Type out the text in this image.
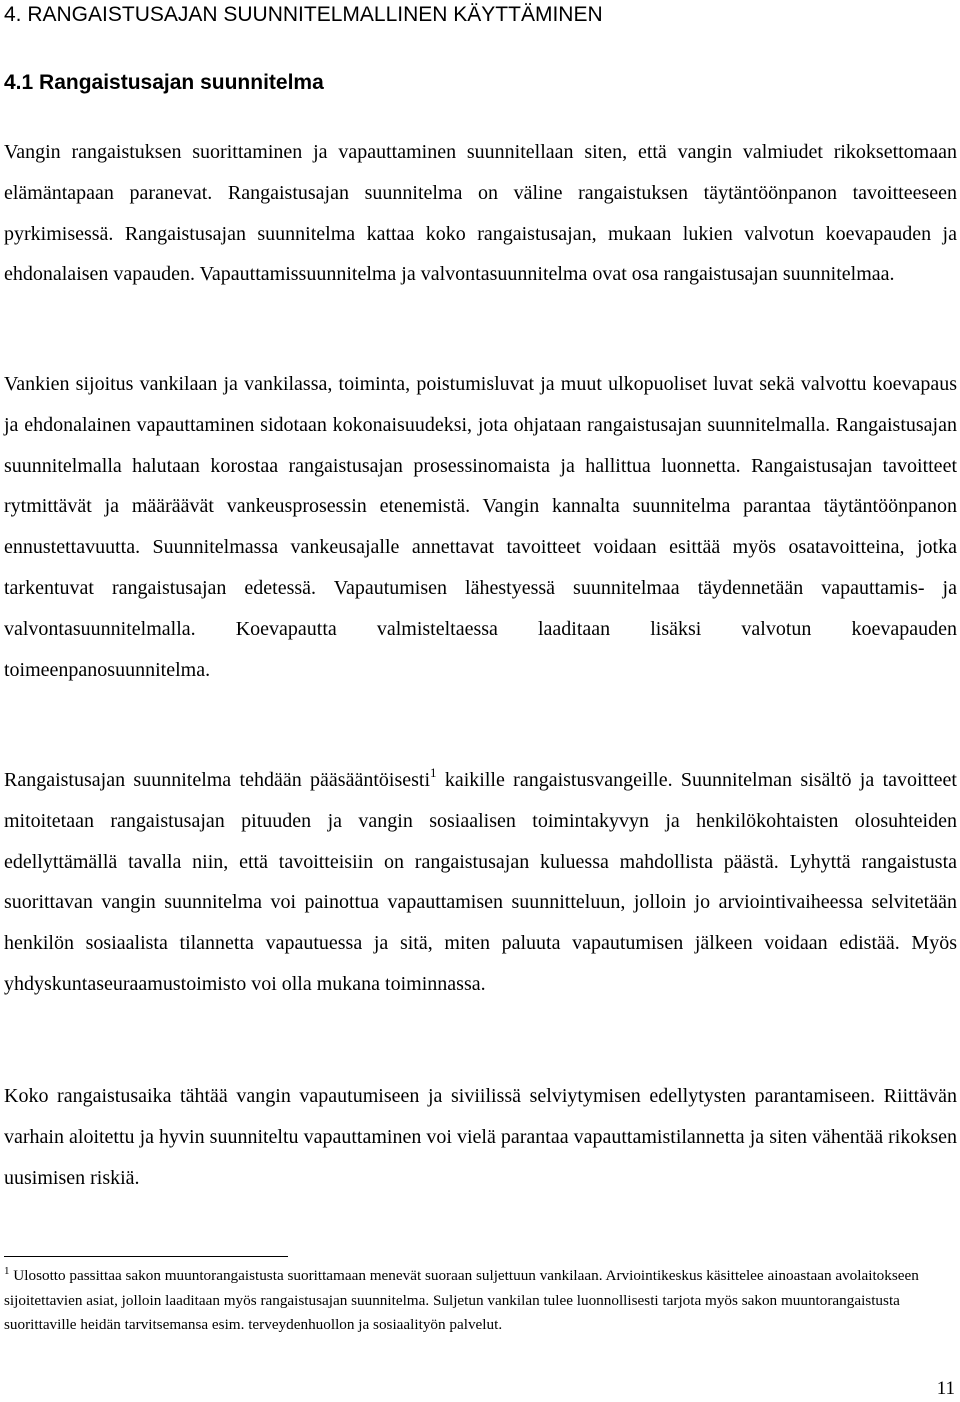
4. RANGAISTUSAJAN SUUNNITELMALLINEN KÄYTTÄMINEN
4.1 Rangaistusajan suunnitelma

Vangin rangaistuksen suorittaminen ja vapauttaminen suunnitellaan siten, että vangin valmiudet rikoksettomaan elämäntapaan paranevat. Rangaistusajan suunnitelma on väline rangaistuksen täytäntöönpanon tavoitteeseen pyrkimisessä. Rangaistusajan suunnitelma kattaa koko rangaistusajan, mukaan lukien valvotun koevapauden ja ehdonalaisen vapauden. Vapauttamissuunnitelma ja valvontasuunnitelma ovat osa rangaistusajan suunnitelmaa.

Vankien sijoitus vankilaan ja vankilassa, toiminta, poistumisluvat ja muut ulkopuoliset luvat sekä valvottu koevapaus ja ehdonalainen vapauttaminen sidotaan kokonaisuudeksi, jota ohjataan rangaistusajan suunnitelmalla. Rangaistusajan suunnitelmalla halutaan korostaa rangaistusajan prosessinomaista ja hallittua luonnetta. Rangaistusajan tavoitteet rytmittävät ja määräävät vankeusprosessin etenemistä. Vangin kannalta suunnitelma parantaa täytäntöönpanon ennustettavuutta. Suunnitelmassa vankeusajalle annettavat tavoitteet voidaan esittää myös osatavoitteina, jotka tarkentuvat rangaistusajan edetessä. Vapautumisen lähestyessä suunnitelmaa täydennetään vapauttamis- ja valvontasuunnitelmalla. Koevapautta valmisteltaessa laaditaan lisäksi valvotun koevapauden toimeenpanosuunnitelma.

Rangaistusajan suunnitelma tehdään pääsääntöisesti$^1$ kaikille rangaistusvangeille. Suunnitelman sisältö ja tavoitteet mitoitetaan rangaistusajan pituuden ja vangin sosiaalisen toimintakyvyn ja henkilökohtaisten olosuhteiden edellyttämällä tavalla niin, että tavoitteisiin on rangaistusajan kuluessa mahdollista päästä. Lyhyttä rangaistusta suorittavan vangin suunnitelma voi painottua vapauttamisen suunnitteluun, jolloin jo arviointivaiheessa selvitetään henkilön sosiaalista tilannetta vapautuessa ja sitä, miten paluuta vapautumisen jälkeen voidaan edistää. Myös yhdyskuntaseuraamustoimisto voi olla mukana toiminnassa.

Koko rangaistusaika tähtää vangin vapautumiseen ja siviilissä selviytymisen edellytysten parantamiseen. Riittävän varhain aloitettu ja hyvin suunniteltu vapauttaminen voi vielä parantaa vapauttamistilannetta ja siten vähentää rikoksen uusimisen riskiä.

$^1$ Ulosotto passittaa sakon muuntorangaistusta suorittamaan menevät suoraan suljettuun vankilaan. Arviointikeskus käsittelee ainoastaan avolaitokseen sijoitettavien asiat, jolloin laaditaan myös rangaistusajan suunnitelma. Suljetun vankilan tulee luonnollisesti tarjota myös sakon muuntorangaistusta suorittaville heidän tarvitsemansa esim. terveydenhuollon ja sosiaalityön palvelut.

11
